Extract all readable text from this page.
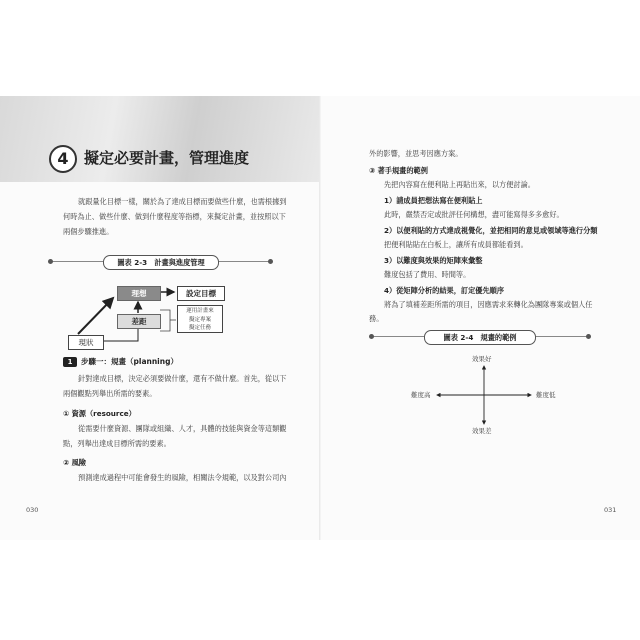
4	擬定必要計畫，管理進度
就跟量化目標一樣，關於為了達成目標而要做些什麼，也需根據到
何時為止、做些什麼、做到什麼程度等指標，來擬定計畫，並按照以下
兩個步驟推進。
圖表 2-3　計畫與進度管理
理想
差距
設定目標
運用計畫來
擬定專案
擬定任務
現狀
1	步驟一：規畫（planning）
針對達成目標，決定必須要做什麼，還有不做什麼。首先，從以下
兩個觀點列舉出所需的要素。
① 資源（resource）
從需要什麼資源、團隊或組織、人才，具體的技能與資金等這類觀
點，列舉出達成目標所需的要素。
② 風險
預測達成過程中可能會發生的風險，相關法令規範，以及對公司內
030
外的影響，並思考因應方案。
③ 著手規畫的範例
先把內容寫在便利貼上再貼出來，以方便討論。
1）請成員把想法寫在便利貼上
此時，嚴禁否定或批評任何構想，盡可能寫得多多愈好。
2）以便利貼的方式達成視覺化，並把相同的意見或領域等進行分類
把便利貼貼在白板上，讓所有成員都能看到。
3）以難度與效果的矩陣來彙整
難度包括了費用、時間等。
4）從矩陣分析的結果，訂定優先順序
將為了填補差距所需的項目，因應需求來轉化為團隊專案或個人任
務。
圖表 2-4　規畫的範例
效果好
效果差
難度高	難度低
031
